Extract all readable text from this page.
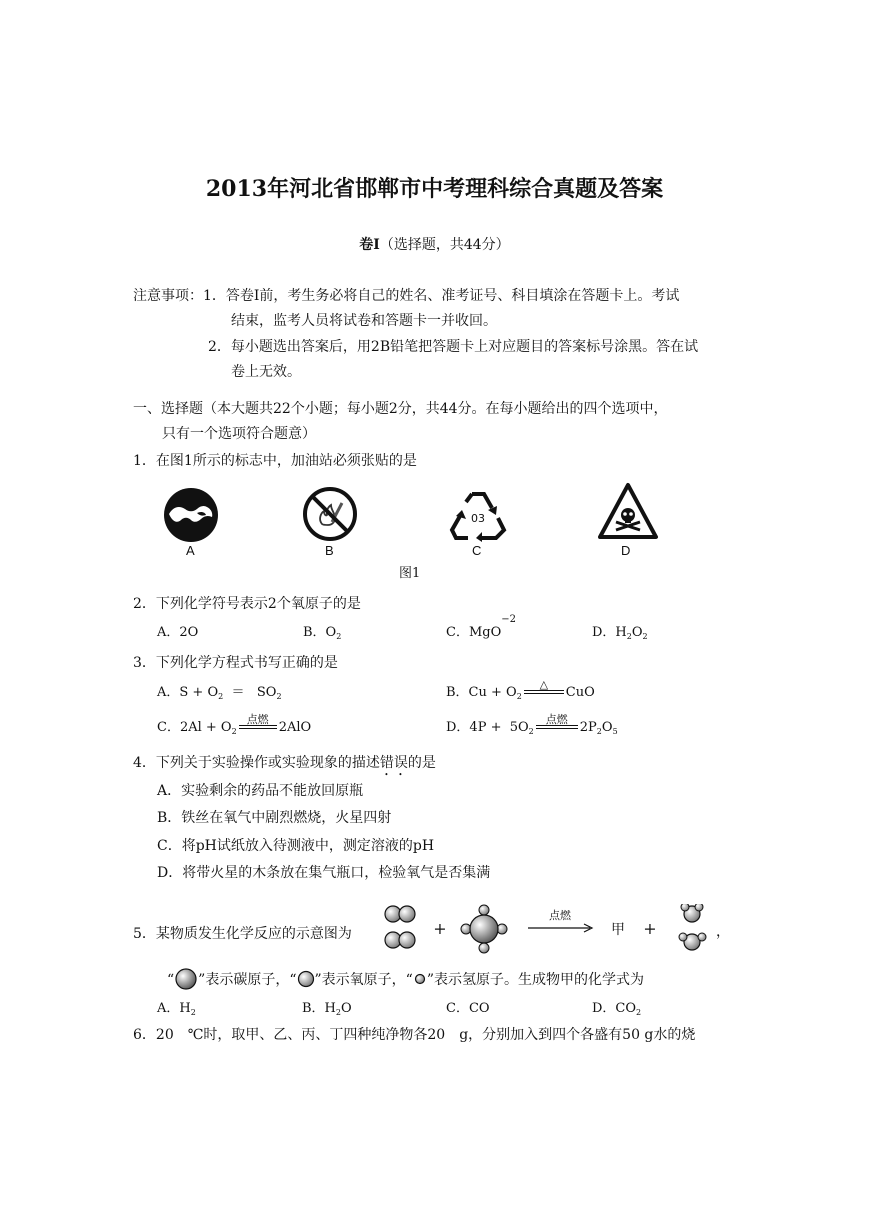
2013年河北省邯郸市中考理科综合真题及答案
卷Ⅰ（选择题，共44分）
注意事项：1．答卷Ⅰ前，考生务必将自己的姓名、准考证号、科目填涂在答题卡上。考试
结束，监考人员将试卷和答题卡一并收回。
2．每小题选出答案后，用2B铅笔把答题卡上对应题目的答案标号涂黑。答在试
卷上无效。
一、选择题（本大题共22个小题；每小题2分，共44分。在每小题给出的四个选项中，
只有一个选项符合题意）
1．在图1所示的标志中，加油站必须张贴的是
A	B
03
C	D
图1
2．下列化学符号表示2个氧原子的是
A．2O	B．$O_2$	C．MgO$^{-2}$
D．$H_2O_2$
3．下列化学方程式书写正确的是
A．$S + O_2 = SO_2$	B．$Cu + O_2$
△
CuO
C．$2Al + O_2$
点燃
2AlO	D．$4P + 5O_2$
点燃
$2P_2O_5$
4．下列关于实验操作或实验现象的描述错误的是
A．实验剩余的药品不能放回原瓶
B．铁丝在氧气中剧烈燃烧，火星四射
C．将pH试纸放入待测液中，测定溶液的pH
D．将带火星的木条放在集气瓶口，检验氧气是否集满
5．某物质发生化学反应的示意图为	+
点燃
甲 +	，
“ ”表示碳原子，“ ”表示氧原子，“ ”表示氢原子。生成物甲的化学式为
A．$H_2$	B．$H_2O$	C．CO	D．$CO_2$
6．20　℃时，取甲、乙、丙、丁四种纯净物各20　g，分别加入到四个各盛有50 g水的烧
